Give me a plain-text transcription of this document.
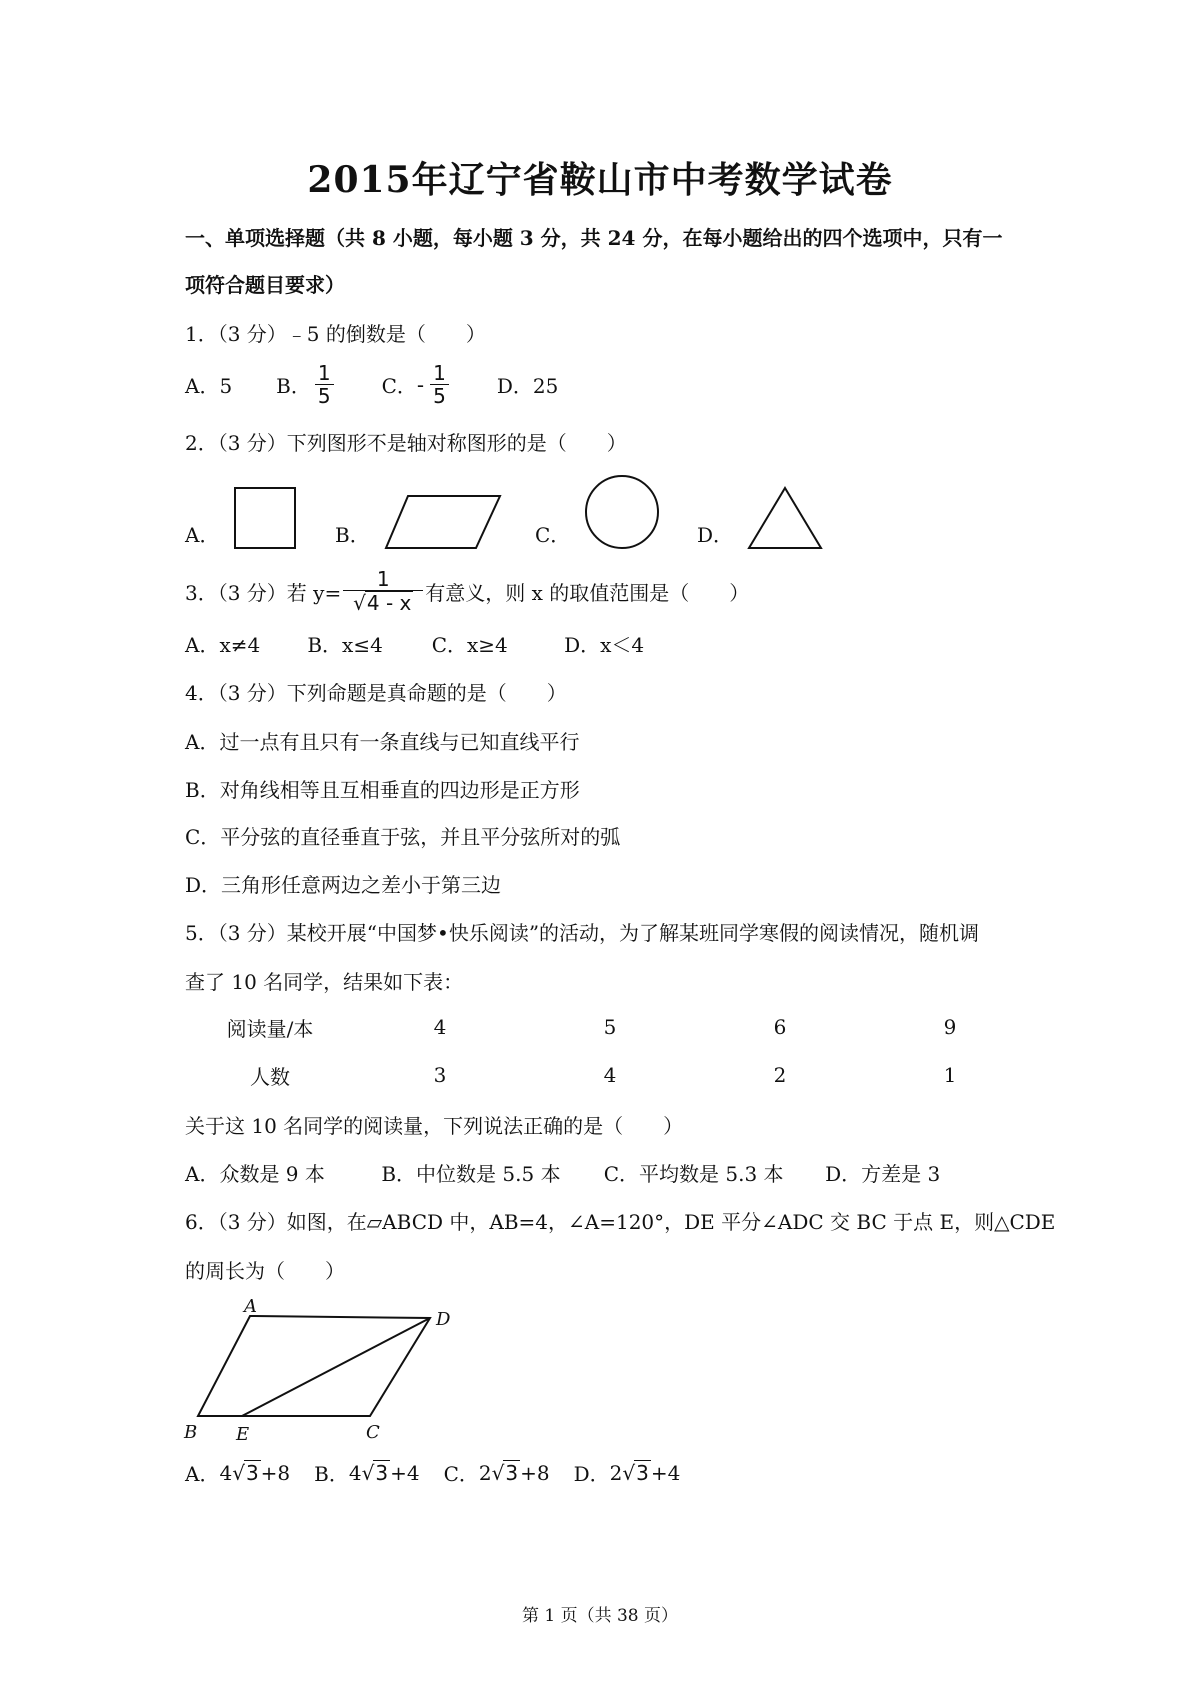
2015年辽宁省鞍山市中考数学试卷
一、单项选择题（共 8 小题，每小题 3 分，共 24 分，在每小题给出的四个选项中，只有一
项符合题目要求）
1．（3 分）﹣5 的倒数是（　　）
A．5 B． $\frac{1}{5}$ C． - $\frac{1}{5}$ D．25
2．（3 分）下列图形不是轴对称图形的是（　　）
A．	B．	C．	D．
3．（3 分）若 $y= \frac{1}{√ 4 - x}$ 有意义，则 x 的取值范围是（　　）
A．x≠4 B．x≤4 C．x≥4	D．x＜4
4．（3 分）下列命题是真命题的是（　　）
A．过一点有且只有一条直线与已知直线平行
B．对角线相等且互相垂直的四边形是正方形
C．平分弦的直径垂直于弦，并且平分弦所对的弧
D．三角形任意两边之差小于第三边
5．（3 分）某校开展“中国梦•快乐阅读”的活动，为了解某班同学寒假的阅读情况，随机调
查了 10 名同学，结果如下表：
阅读量/本	4	5	6	9
人数	3	4	2	1
关于这 10 名同学的阅读量，下列说法正确的是（　　）
A．众数是 9 本	B．中位数是 5.5 本 C．平均数是 5.3 本 D．方差是 3
6．（3 分）如图，在▱ABCD 中，AB=4，∠A=120°，DE 平分∠ADC 交 BC 于点 E，则△CDE
的周长为（　　）
A
D
B E	C
A． 4 √ 3 +8 B． 4 √ 3 +4 C． 2 √ 3 +8 D． 2 √ 3 +4
第 1 页（共 38 页）
